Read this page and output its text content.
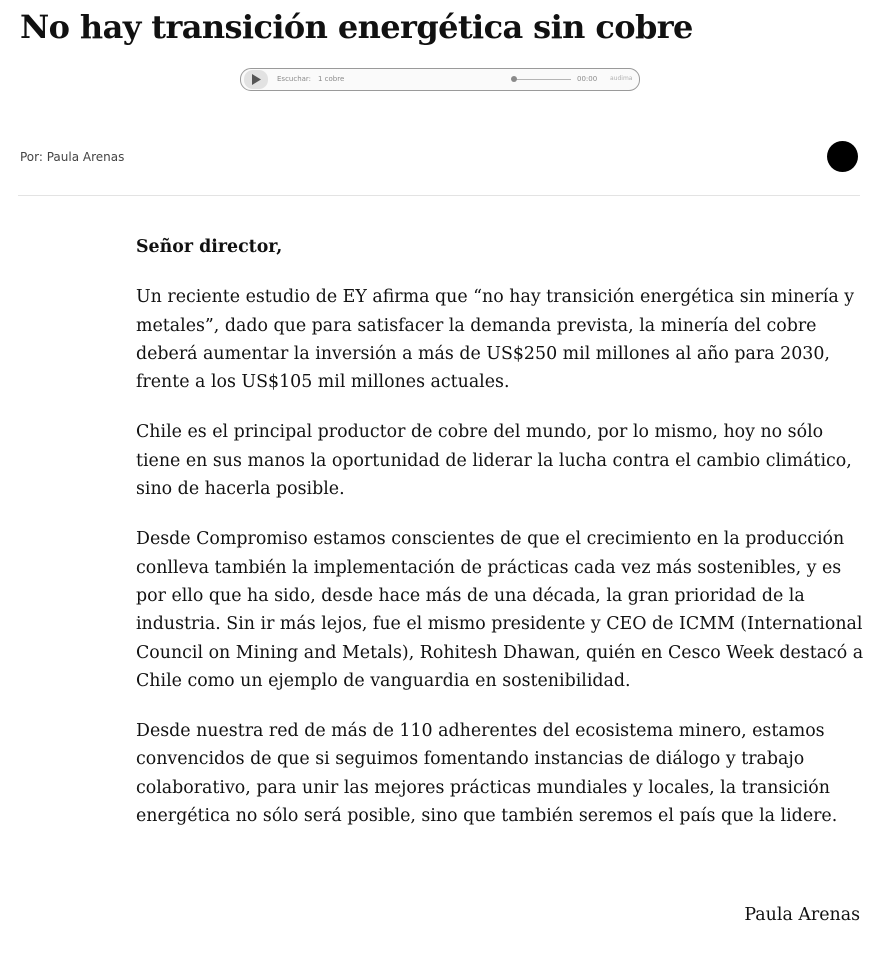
No hay transición energética sin cobre
Escuchar: 1 cobre	00:00 audima
Por: Paula Arenas

Señor director,

Un reciente estudio de EY afirma que “no hay transición energética sin minería y metales”, dado que para satisfacer la demanda prevista, la minería del cobre deberá aumentar la inversión a más de US$250 mil millones al año para 2030, frente a los US$105 mil millones actuales.

Chile es el principal productor de cobre del mundo, por lo mismo, hoy no sólo tiene en sus manos la oportunidad de liderar la lucha contra el cambio climático, sino de hacerla posible.

Desde Compromiso estamos conscientes de que el crecimiento en la producción conlleva también la implementación de prácticas cada vez más sostenibles, y es por ello que ha sido, desde hace más de una década, la gran prioridad de la industria. Sin ir más lejos, fue el mismo presidente y CEO de ICMM (International Council on Mining and Metals), Rohitesh Dhawan, quién en Cesco Week destacó a Chile como un ejemplo de vanguardia en sostenibilidad.

Desde nuestra red de más de 110 adherentes del ecosistema minero, estamos convencidos de que si seguimos fomentando instancias de diálogo y trabajo colaborativo, para unir las mejores prácticas mundiales y locales, la transición energética no sólo será posible, sino que también seremos el país que la lidere.

Paula Arenas
